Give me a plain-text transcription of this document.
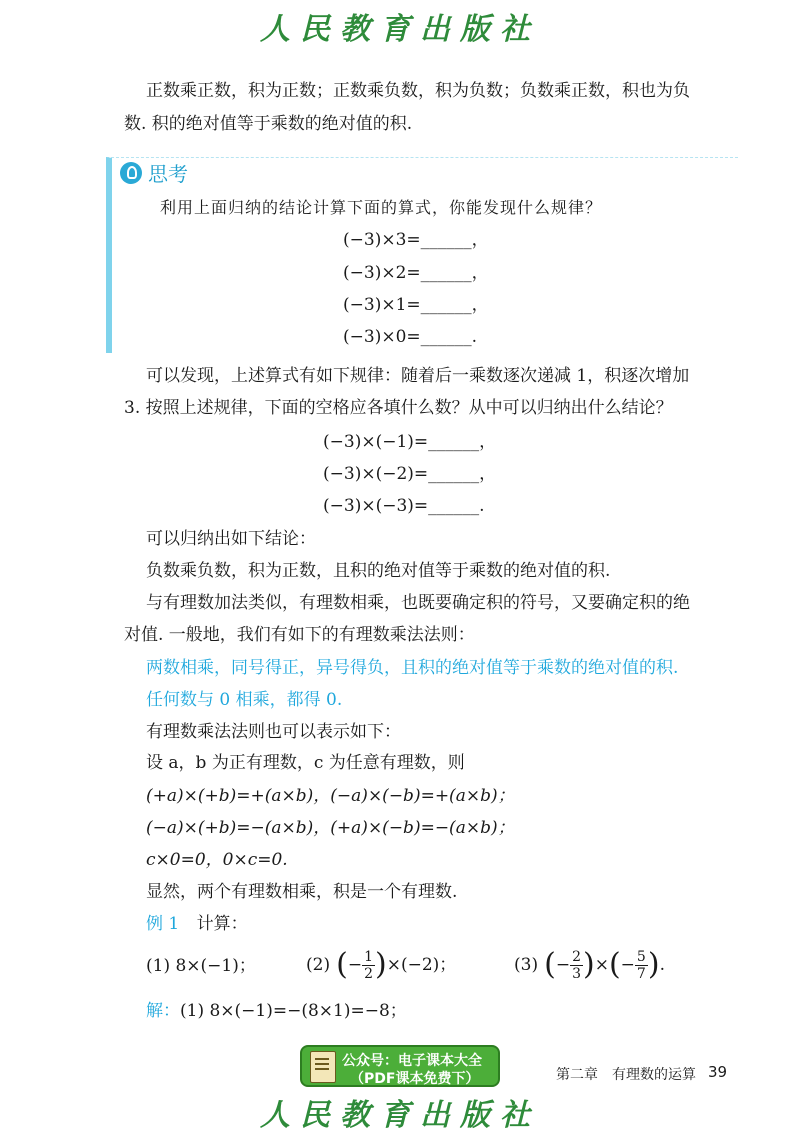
人民教育出版社
正数乘正数，积为正数；正数乘负数，积为负数；负数乘正数，积也为负
数. 积的绝对值等于乘数的绝对值的积.
思考
利用上面归纳的结论计算下面的算式，你能发现什么规律？
(−3)×3=______，
(−3)×2=______，
(−3)×1=______，
(−3)×0=______.
可以发现，上述算式有如下规律：随着后一乘数逐次递减 1，积逐次增加
3. 按照上述规律，下面的空格应各填什么数？从中可以归纳出什么结论？
(−3)×(−1)=______，
(−3)×(−2)=______，
(−3)×(−3)=______.
可以归纳出如下结论：
负数乘负数，积为正数，且积的绝对值等于乘数的绝对值的积.
与有理数加法类似，有理数相乘，也既要确定积的符号，又要确定积的绝
对值. 一般地，我们有如下的有理数乘法法则：
两数相乘，同号得正，异号得负，且积的绝对值等于乘数的绝对值的积.
任何数与 0 相乘，都得 0.
有理数乘法法则也可以表示如下：
设 a，b 为正有理数，c 为任意有理数，则
(+a)×(+b)=+(a×b)，(−a)×(−b)=+(a×b)；
(−a)×(+b)=−(a×b)，(+a)×(−b)=−(a×b)；
c×0=0，0×c=0.
显然，两个有理数相乘，积是一个有理数.
例 1 计算：
(1) 8×(−1)；	(2) ( − $\frac{1}{2}$ ) ×(−2)；	(3) ( − $\frac{2}{3}$ ) × ( − $\frac{5}{7}$ ) .
解：(1) 8×(−1)=−(8×1)=−8；
公众号：电子课本大全
（PDF课本免费下）	第二章　有理数的运算 39
人民教育出版社
